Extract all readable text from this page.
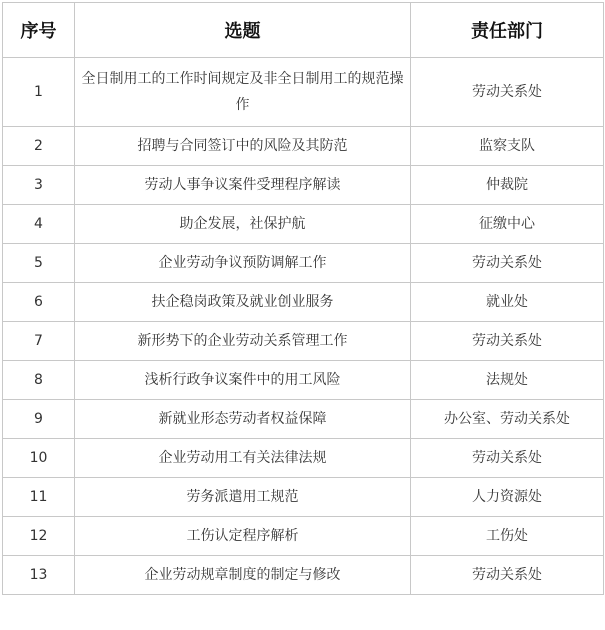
序号	选题	责任部门
1	全日制用工的工作时间规定及非全日制用工的规范操作	劳动关系处
2	招聘与合同签订中的风险及其防范	监察支队
3	劳动人事争议案件受理程序解读	仲裁院
4	助企发展，社保护航	征缴中心
5	企业劳动争议预防调解工作	劳动关系处
6	扶企稳岗政策及就业创业服务	就业处
7	新形势下的企业劳动关系管理工作	劳动关系处
8	浅析行政争议案件中的用工风险	法规处
9	新就业形态劳动者权益保障	办公室、劳动关系处
10	企业劳动用工有关法律法规	劳动关系处
11	劳务派遣用工规范	人力资源处
12	工伤认定程序解析	工伤处
13	企业劳动规章制度的制定与修改	劳动关系处
